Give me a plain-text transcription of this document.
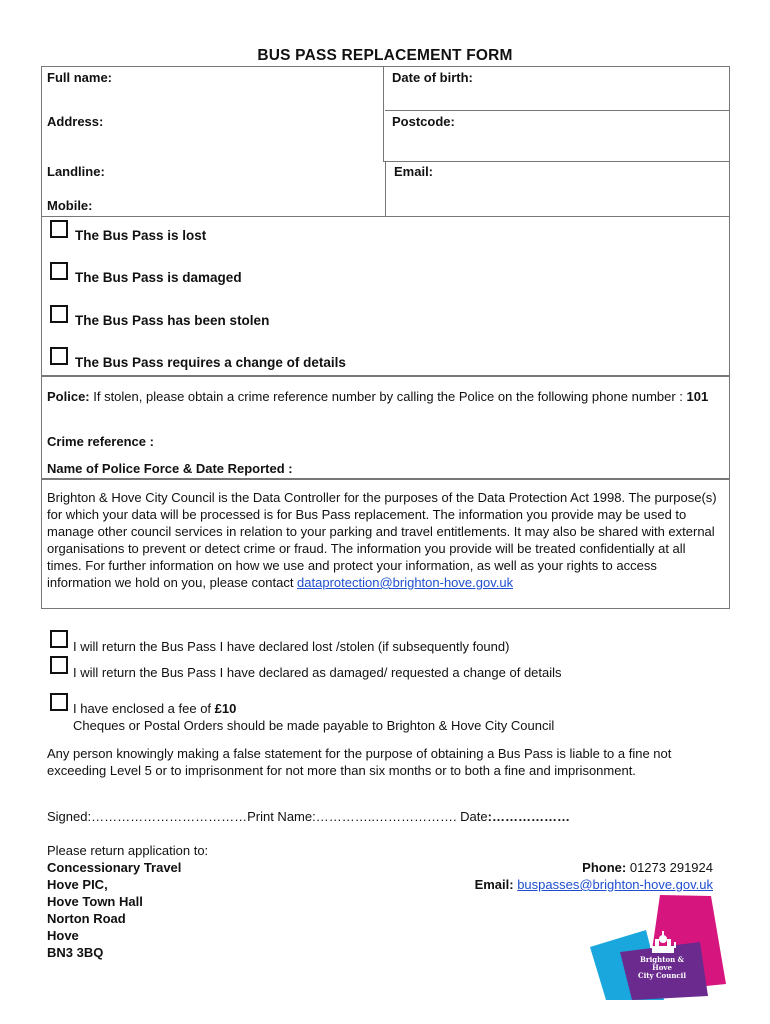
BUS PASS REPLACEMENT FORM
Full name:	Date of birth:
Address:	Postcode:
Landline:	Email:
Mobile:
The Bus Pass is lost
The Bus Pass is damaged
The Bus Pass has been stolen
The Bus Pass requires a change of details
Police: If stolen, please obtain a crime reference number by calling the Police on the following phone number : 101
Crime reference :
Name of Police Force & Date Reported :
Brighton & Hove City Council is the Data Controller for the purposes of the Data Protection Act 1998. The purpose(s) for which your data will be processed is for Bus Pass replacement. The information you provide may be used to manage other council services in relation to your parking and travel entitlements. It may also be shared with external organisations to prevent or detect crime or fraud. The information you provide will be treated confidentially at all times. For further information on how we use and protect your information, as well as your rights to access information we hold on you, please contact dataprotection@brighton-hove.gov.uk
I will return the Bus Pass I have declared lost /stolen (if subsequently found)
I will return the Bus Pass I have declared as damaged/ requested a change of details
I have enclosed a fee of £10
Cheques or Postal Orders should be made payable to Brighton & Hove City Council
Any person knowingly making a false statement for the purpose of obtaining a Bus Pass is liable to a fine not exceeding Level 5 or to imprisonment for not more than six months or to both a fine and imprisonment.
Signed:………………………………Print Name:…………..………………. Date:………………
Please return application to:
Concessionary Travel
Hove PIC,
Hove Town Hall
Norton Road
Hove
BN3 3BQ
Phone: 01273 291924
Email: buspasses@brighton-hove.gov.uk
Brighton & Hove
City Council
